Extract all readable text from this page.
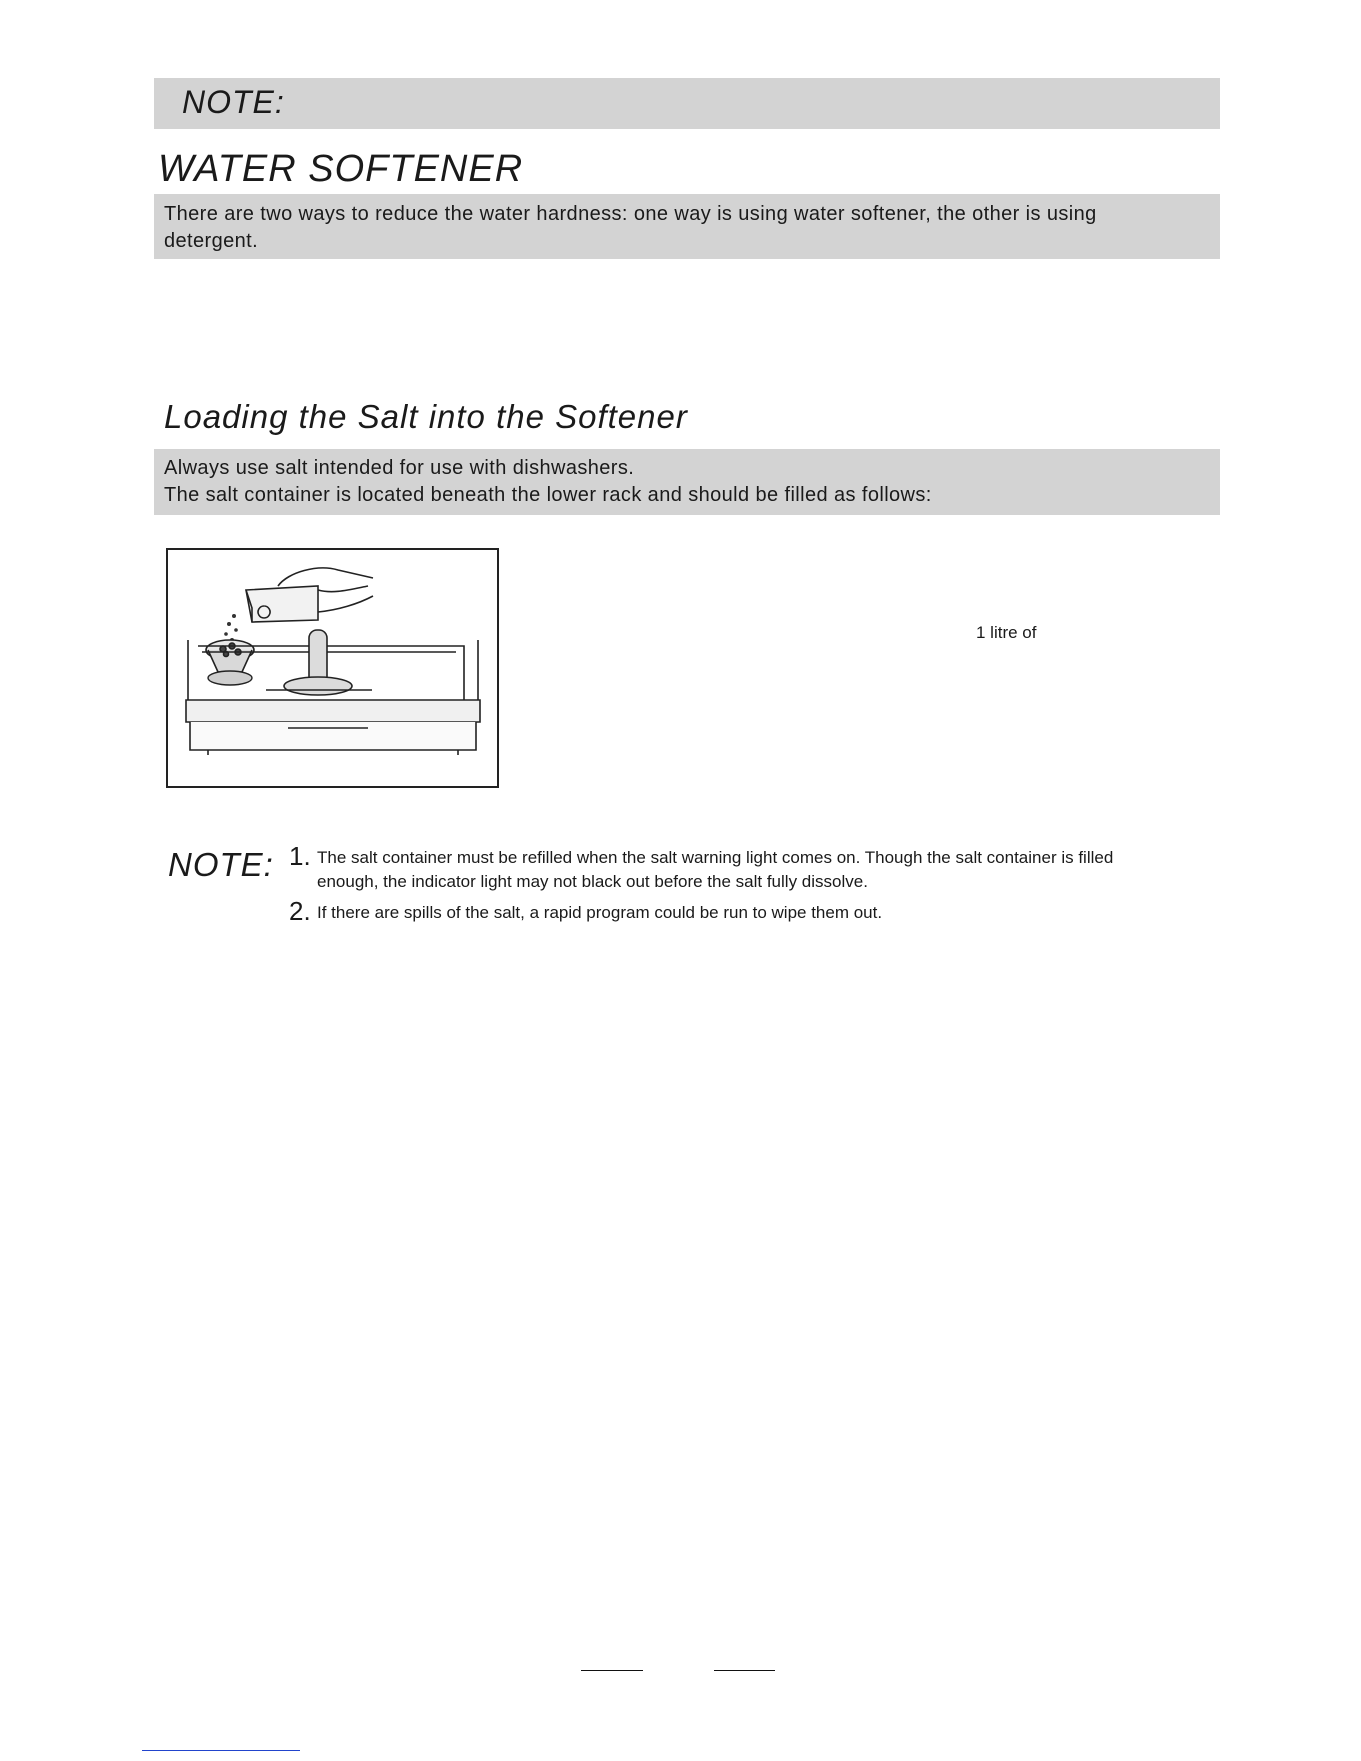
NOTE:
WATER SOFTENER
There are two ways to reduce the water hardness: one way is using water softener, the other is using detergent.
Loading the Salt into the Softener
Always use salt intended for use with dishwashers.
The salt container is located beneath the lower rack and should be filled as follows:
1 litre of
NOTE: 1. The salt container must be refilled when the salt warning light comes on. Though the salt container is filled
enough, the indicator light may not black out before the salt fully dissolve.
2. If there are spills of the salt, a rapid program could be run to wipe them out.
